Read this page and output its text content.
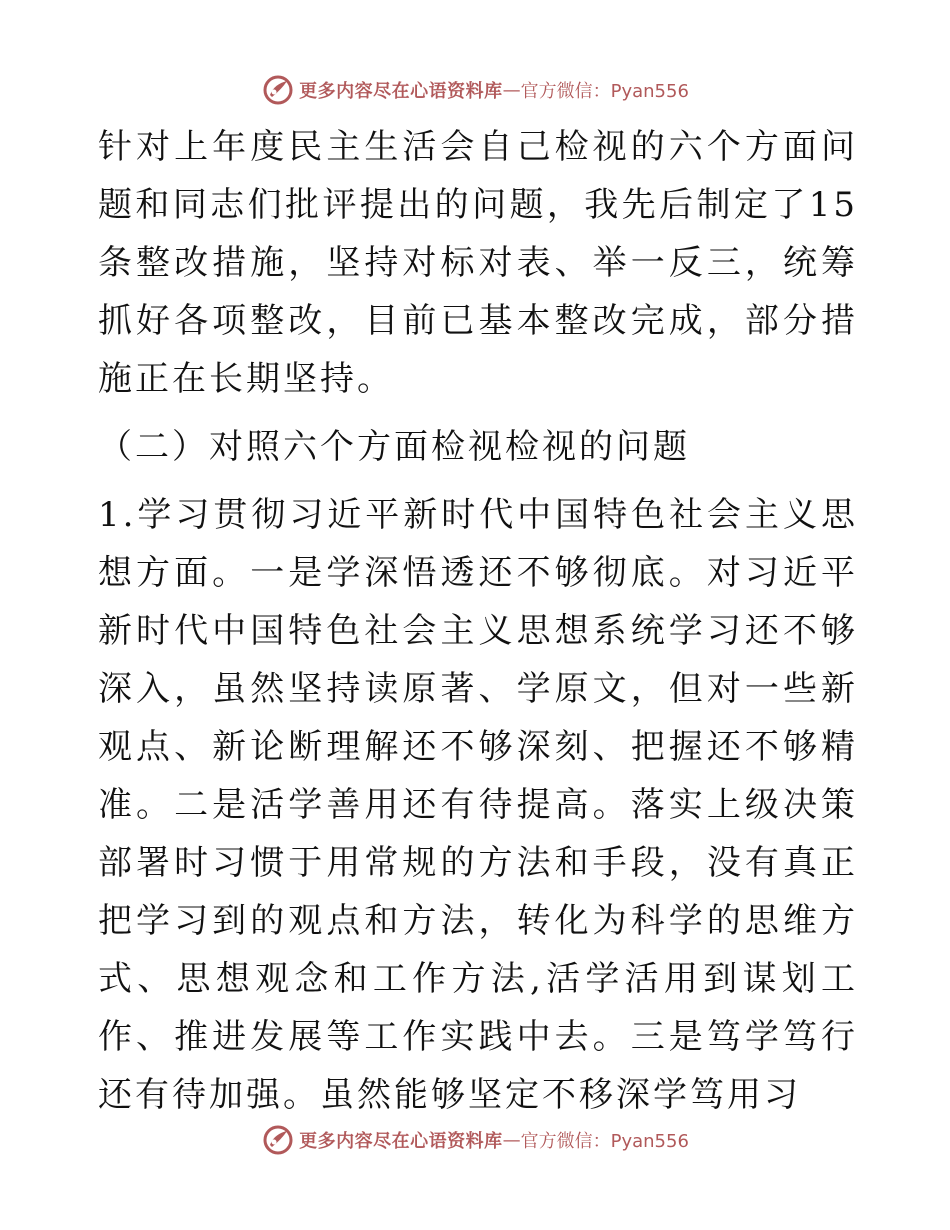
更多内容尽在心语资料库 — 官方微信：Pyan556

针对上年度民主生活会自己检视的六个方面问题和同志们批评提出的问题，我先后制定了15条整改措施，坚持对标对表、举一反三，统筹抓好各项整改，目前已基本整改完成，部分措施正在长期坚持。

（二）对照六个方面检视检视的问题

1.学习贯彻习近平新时代中国特色社会主义思想方面。一是学深悟透还不够彻底。对习近平新时代中国特色社会主义思想系统学习还不够深入，虽然坚持读原著、学原文，但对一些新观点、新论断理解还不够深刻、把握还不够精准。二是活学善用还有待提高。落实上级决策部署时习惯于用常规的方法和手段，没有真正把学习到的观点和方法，转化为科学的思维方式、思想观念和工作方法,活学活用到谋划工作、推进发展等工作实践中去。三是笃学笃行还有待加强。虽然能够坚定不移深学笃用习

更多内容尽在心语资料库 — 官方微信：Pyan556
